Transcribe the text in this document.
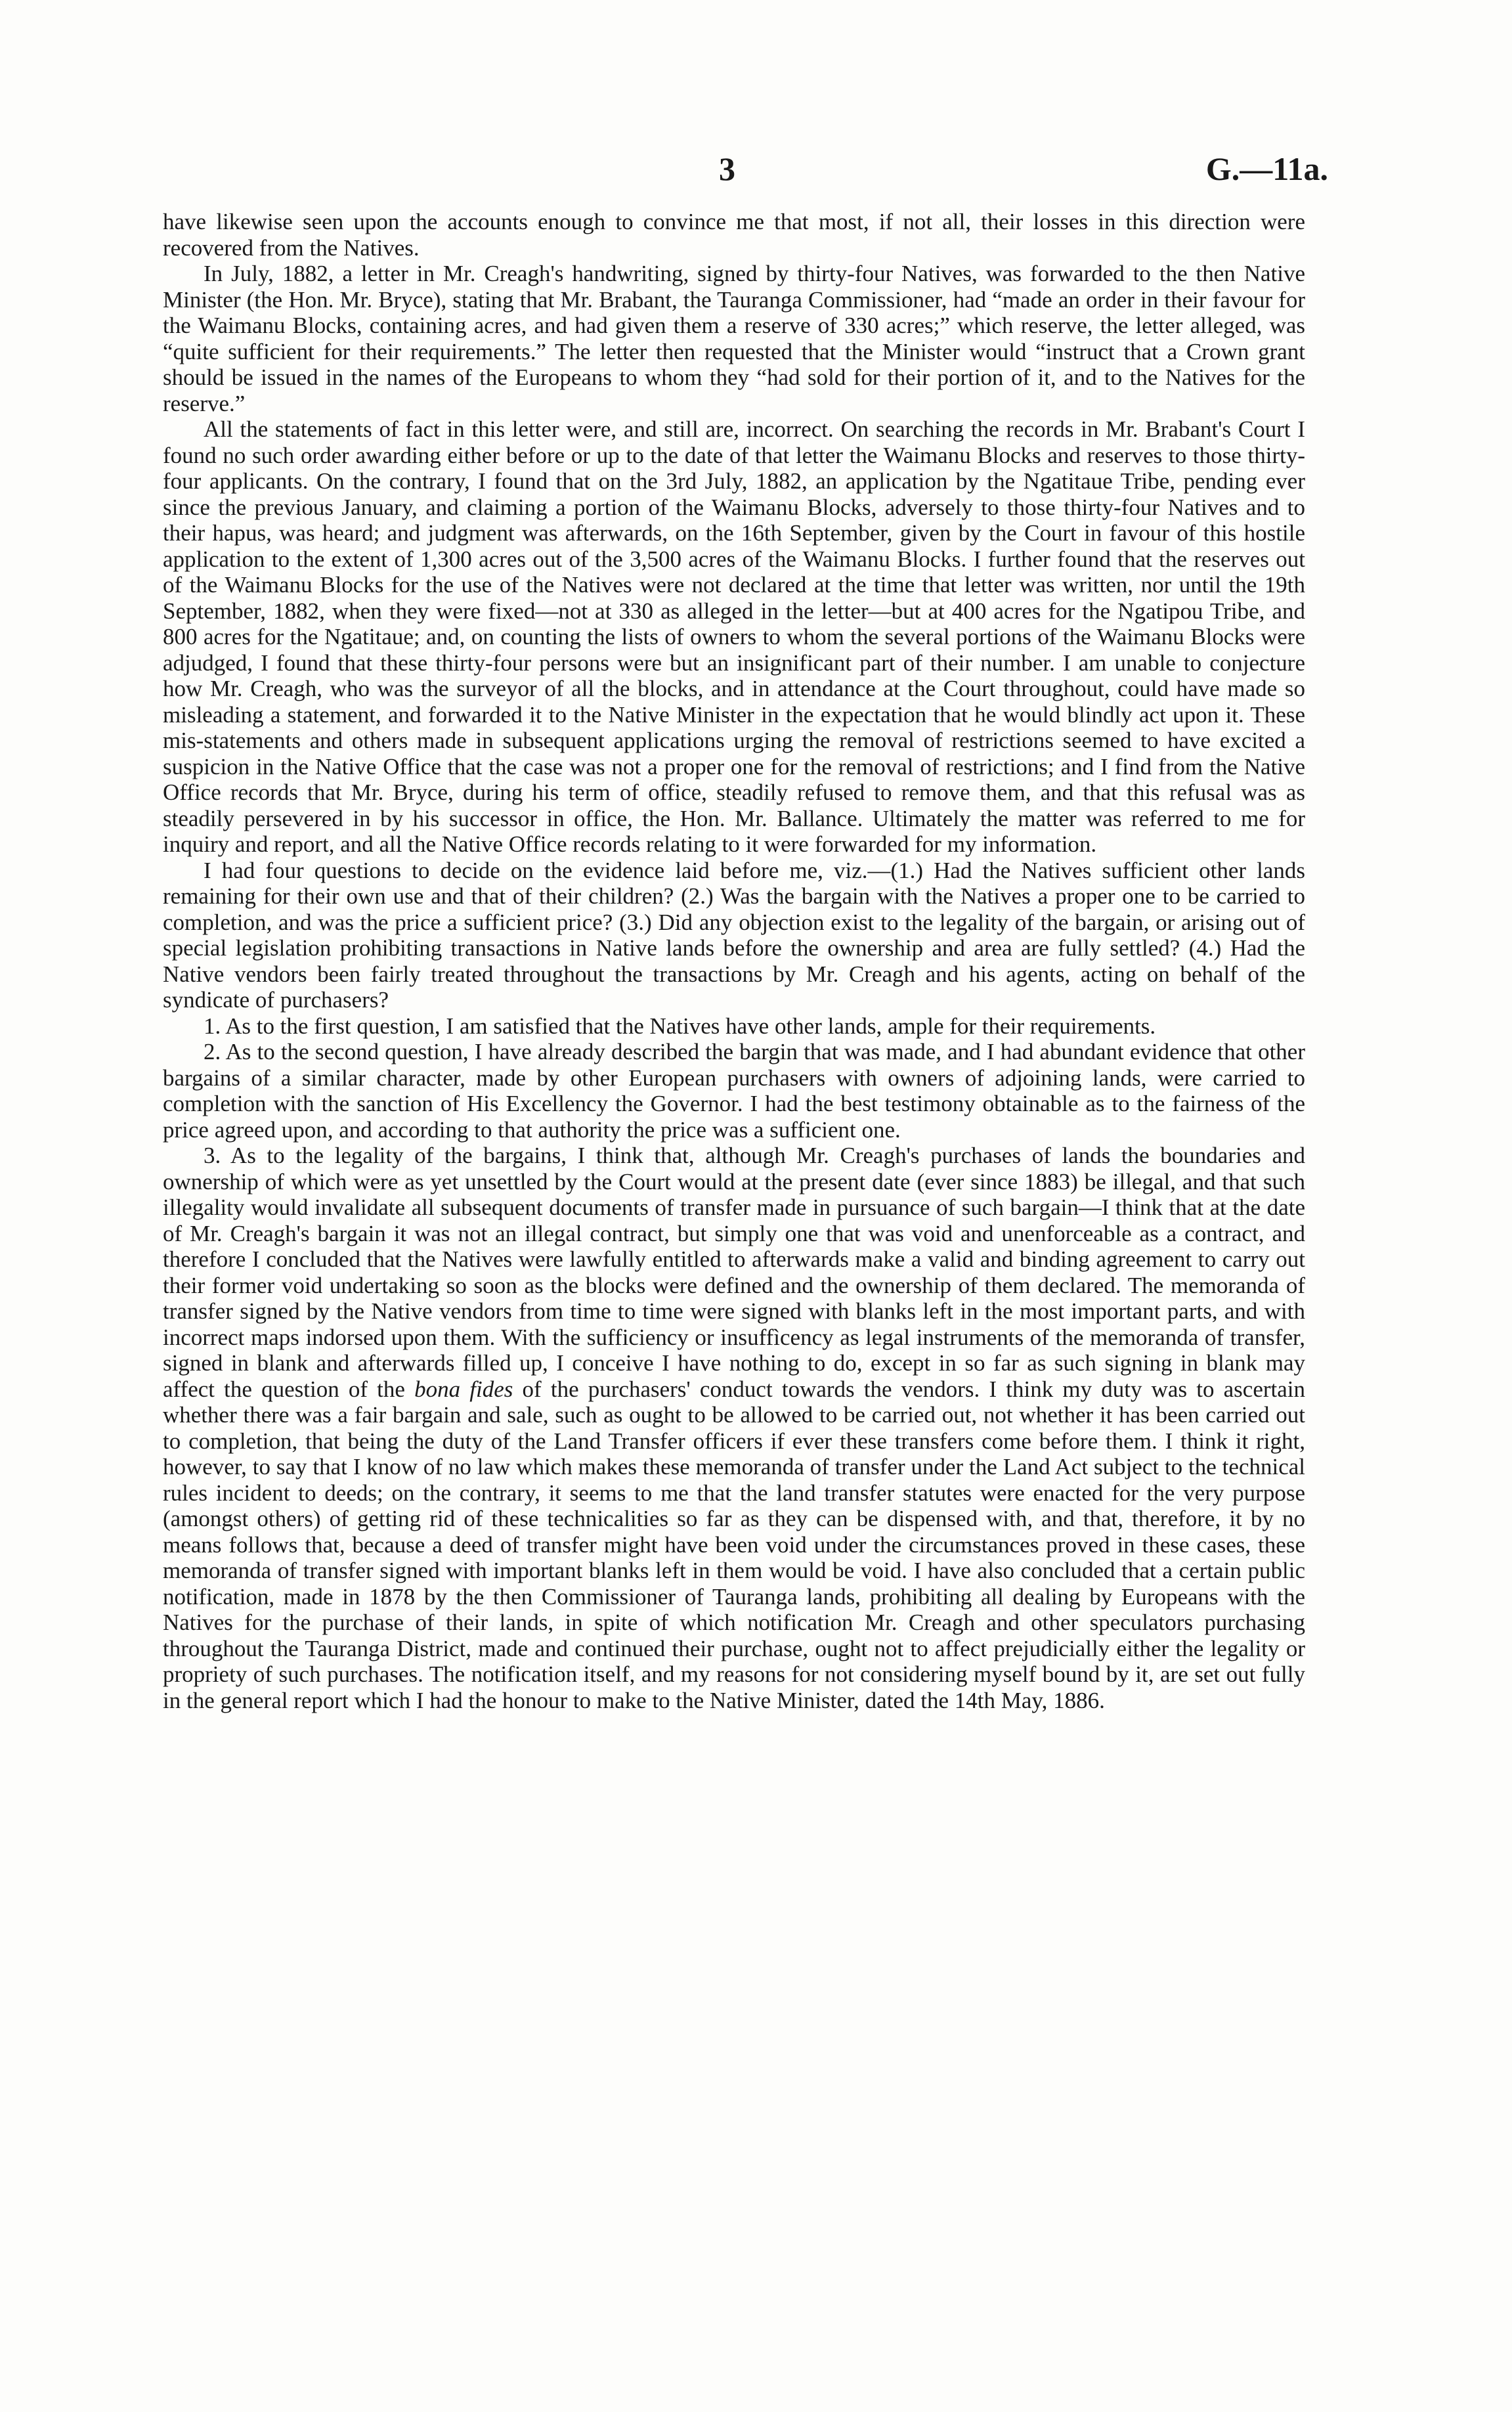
3	G.—11a.

have likewise seen upon the accounts enough to convince me that most, if not all, their losses in this direction were recovered from the Natives.

In July, 1882, a letter in Mr. Creagh's handwriting, signed by thirty-four Natives, was forwarded to the then Native Minister (the Hon. Mr. Bryce), stating that Mr. Brabant, the Tauranga Commissioner, had “made an order in their favour for the Waimanu Blocks, containing acres, and had given them a reserve of 330 acres;” which reserve, the letter alleged, was “quite sufficient for their requirements.” The letter then requested that the Minister would “instruct that a Crown grant should be issued in the names of the Europeans to whom they “had sold for their portion of it, and to the Natives for the reserve.”

All the statements of fact in this letter were, and still are, incorrect. On searching the records in Mr. Brabant's Court I found no such order awarding either before or up to the date of that letter the Waimanu Blocks and reserves to those thirty-four applicants. On the contrary, I found that on the 3rd July, 1882, an application by the Ngatitaue Tribe, pending ever since the previous January, and claiming a portion of the Waimanu Blocks, adversely to those thirty-four Natives and to their hapus, was heard; and judgment was afterwards, on the 16th September, given by the Court in favour of this hostile application to the extent of 1,300 acres out of the 3,500 acres of the Waimanu Blocks. I further found that the reserves out of the Waimanu Blocks for the use of the Natives were not declared at the time that letter was written, nor until the 19th September, 1882, when they were fixed—not at 330 as alleged in the letter—but at 400 acres for the Ngatipou Tribe, and 800 acres for the Ngatitaue; and, on counting the lists of owners to whom the several portions of the Waimanu Blocks were adjudged, I found that these thirty-four persons were but an insignificant part of their number. I am unable to conjecture how Mr. Creagh, who was the surveyor of all the blocks, and in attendance at the Court throughout, could have made so misleading a statement, and forwarded it to the Native Minister in the expectation that he would blindly act upon it. These mis-statements and others made in subsequent applications urging the removal of restrictions seemed to have excited a suspicion in the Native Office that the case was not a proper one for the removal of restrictions; and I find from the Native Office records that Mr. Bryce, during his term of office, steadily refused to remove them, and that this refusal was as steadily persevered in by his successor in office, the Hon. Mr. Ballance. Ultimately the matter was referred to me for inquiry and report, and all the Native Office records relating to it were forwarded for my information.

I had four questions to decide on the evidence laid before me, viz.—(1.) Had the Natives sufficient other lands remaining for their own use and that of their children? (2.) Was the bargain with the Natives a proper one to be carried to completion, and was the price a sufficient price? (3.) Did any objection exist to the legality of the bargain, or arising out of special legislation prohibiting transactions in Native lands before the ownership and area are fully settled? (4.) Had the Native vendors been fairly treated throughout the transactions by Mr. Creagh and his agents, acting on behalf of the syndicate of purchasers?

1. As to the first question, I am satisfied that the Natives have other lands, ample for their requirements.

2. As to the second question, I have already described the bargin that was made, and I had abundant evidence that other bargains of a similar character, made by other European purchasers with owners of adjoining lands, were carried to completion with the sanction of His Excellency the Governor. I had the best testimony obtainable as to the fairness of the price agreed upon, and according to that authority the price was a sufficient one.

3. As to the legality of the bargains, I think that, although Mr. Creagh's purchases of lands the boundaries and ownership of which were as yet unsettled by the Court would at the present date (ever since 1883) be illegal, and that such illegality would invalidate all subsequent documents of transfer made in pursuance of such bargain—I think that at the date of Mr. Creagh's bargain it was not an illegal contract, but simply one that was void and unenforceable as a contract, and therefore I concluded that the Natives were lawfully entitled to afterwards make a valid and binding agreement to carry out their former void undertaking so soon as the blocks were defined and the ownership of them declared. The memoranda of transfer signed by the Native vendors from time to time were signed with blanks left in the most important parts, and with incorrect maps indorsed upon them. With the sufficiency or insuffìcency as legal instruments of the memoranda of transfer, signed in blank and afterwards filled up, I conceive I have nothing to do, except in so far as such signing in blank may affect the question of the bona fides of the purchasers' conduct towards the vendors. I think my duty was to ascertain whether there was a fair bargain and sale, such as ought to be allowed to be carried out, not whether it has been carried out to completion, that being the duty of the Land Transfer officers if ever these transfers come before them. I think it right, however, to say that I know of no law which makes these memoranda of transfer under the Land Act subject to the technical rules incident to deeds; on the contrary, it seems to me that the land transfer statutes were enacted for the very purpose (amongst others) of getting rid of these technicalities so far as they can be dispensed with, and that, therefore, it by no means follows that, because a deed of transfer might have been void under the circumstances proved in these cases, these memoranda of transfer signed with important blanks left in them would be void. I have also concluded that a certain public notification, made in 1878 by the then Commissioner of Tauranga lands, prohibiting all dealing by Europeans with the Natives for the purchase of their lands, in spite of which notification Mr. Creagh and other speculators purchasing throughout the Tauranga District, made and continued their purchase, ought not to affect prejudicially either the legality or propriety of such purchases. The notification itself, and my reasons for not considering myself bound by it, are set out fully in the general report which I had the honour to make to the Native Minister, dated the 14th May, 1886.
